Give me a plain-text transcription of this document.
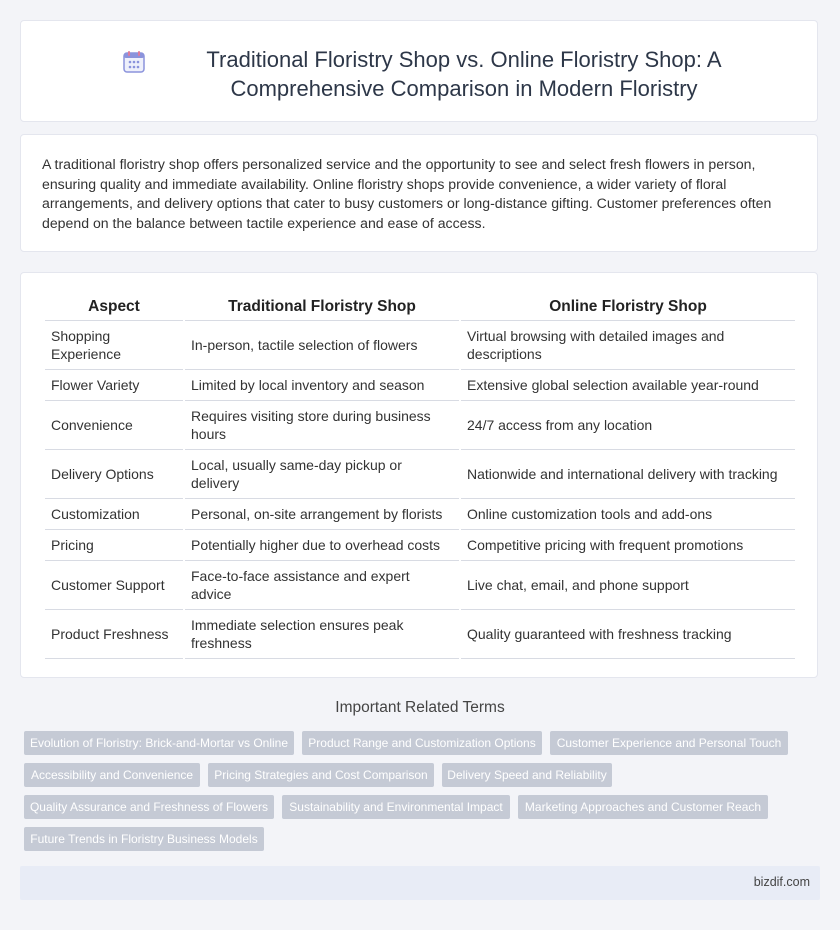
Traditional Floristry Shop vs. Online Floristry Shop: A Comprehensive Comparison in Modern Floristry

A traditional floristry shop offers personalized service and the opportunity to see and select fresh flowers in person, ensuring quality and immediate availability. Online floristry shops provide convenience, a wider variety of floral arrangements, and delivery options that cater to busy customers or long-distance gifting. Customer preferences often depend on the balance between tactile experience and ease of access.

Aspect	Traditional Floristry Shop	Online Floristry Shop
Shopping Experience	In-person, tactile selection of flowers	Virtual browsing with detailed images and descriptions
Flower Variety	Limited by local inventory and season	Extensive global selection available year-round
Convenience	Requires visiting store during business hours	24/7 access from any location
Delivery Options	Local, usually same-day pickup or delivery	Nationwide and international delivery with tracking
Customization	Personal, on-site arrangement by florists	Online customization tools and add-ons
Pricing	Potentially higher due to overhead costs	Competitive pricing with frequent promotions
Customer Support	Face-to-face assistance and expert advice	Live chat, email, and phone support
Product Freshness	Immediate selection ensures peak freshness	Quality guaranteed with freshness tracking
Important Related Terms
Evolution of Floristry: Brick-and-Mortar vs Online	Product Range and Customization Options	Customer Experience and Personal Touch
Accessibility and Convenience	Pricing Strategies and Cost Comparison	Delivery Speed and Reliability
Quality Assurance and Freshness of Flowers	Sustainability and Environmental Impact	Marketing Approaches and Customer Reach
Future Trends in Floristry Business Models
bizdif.com
